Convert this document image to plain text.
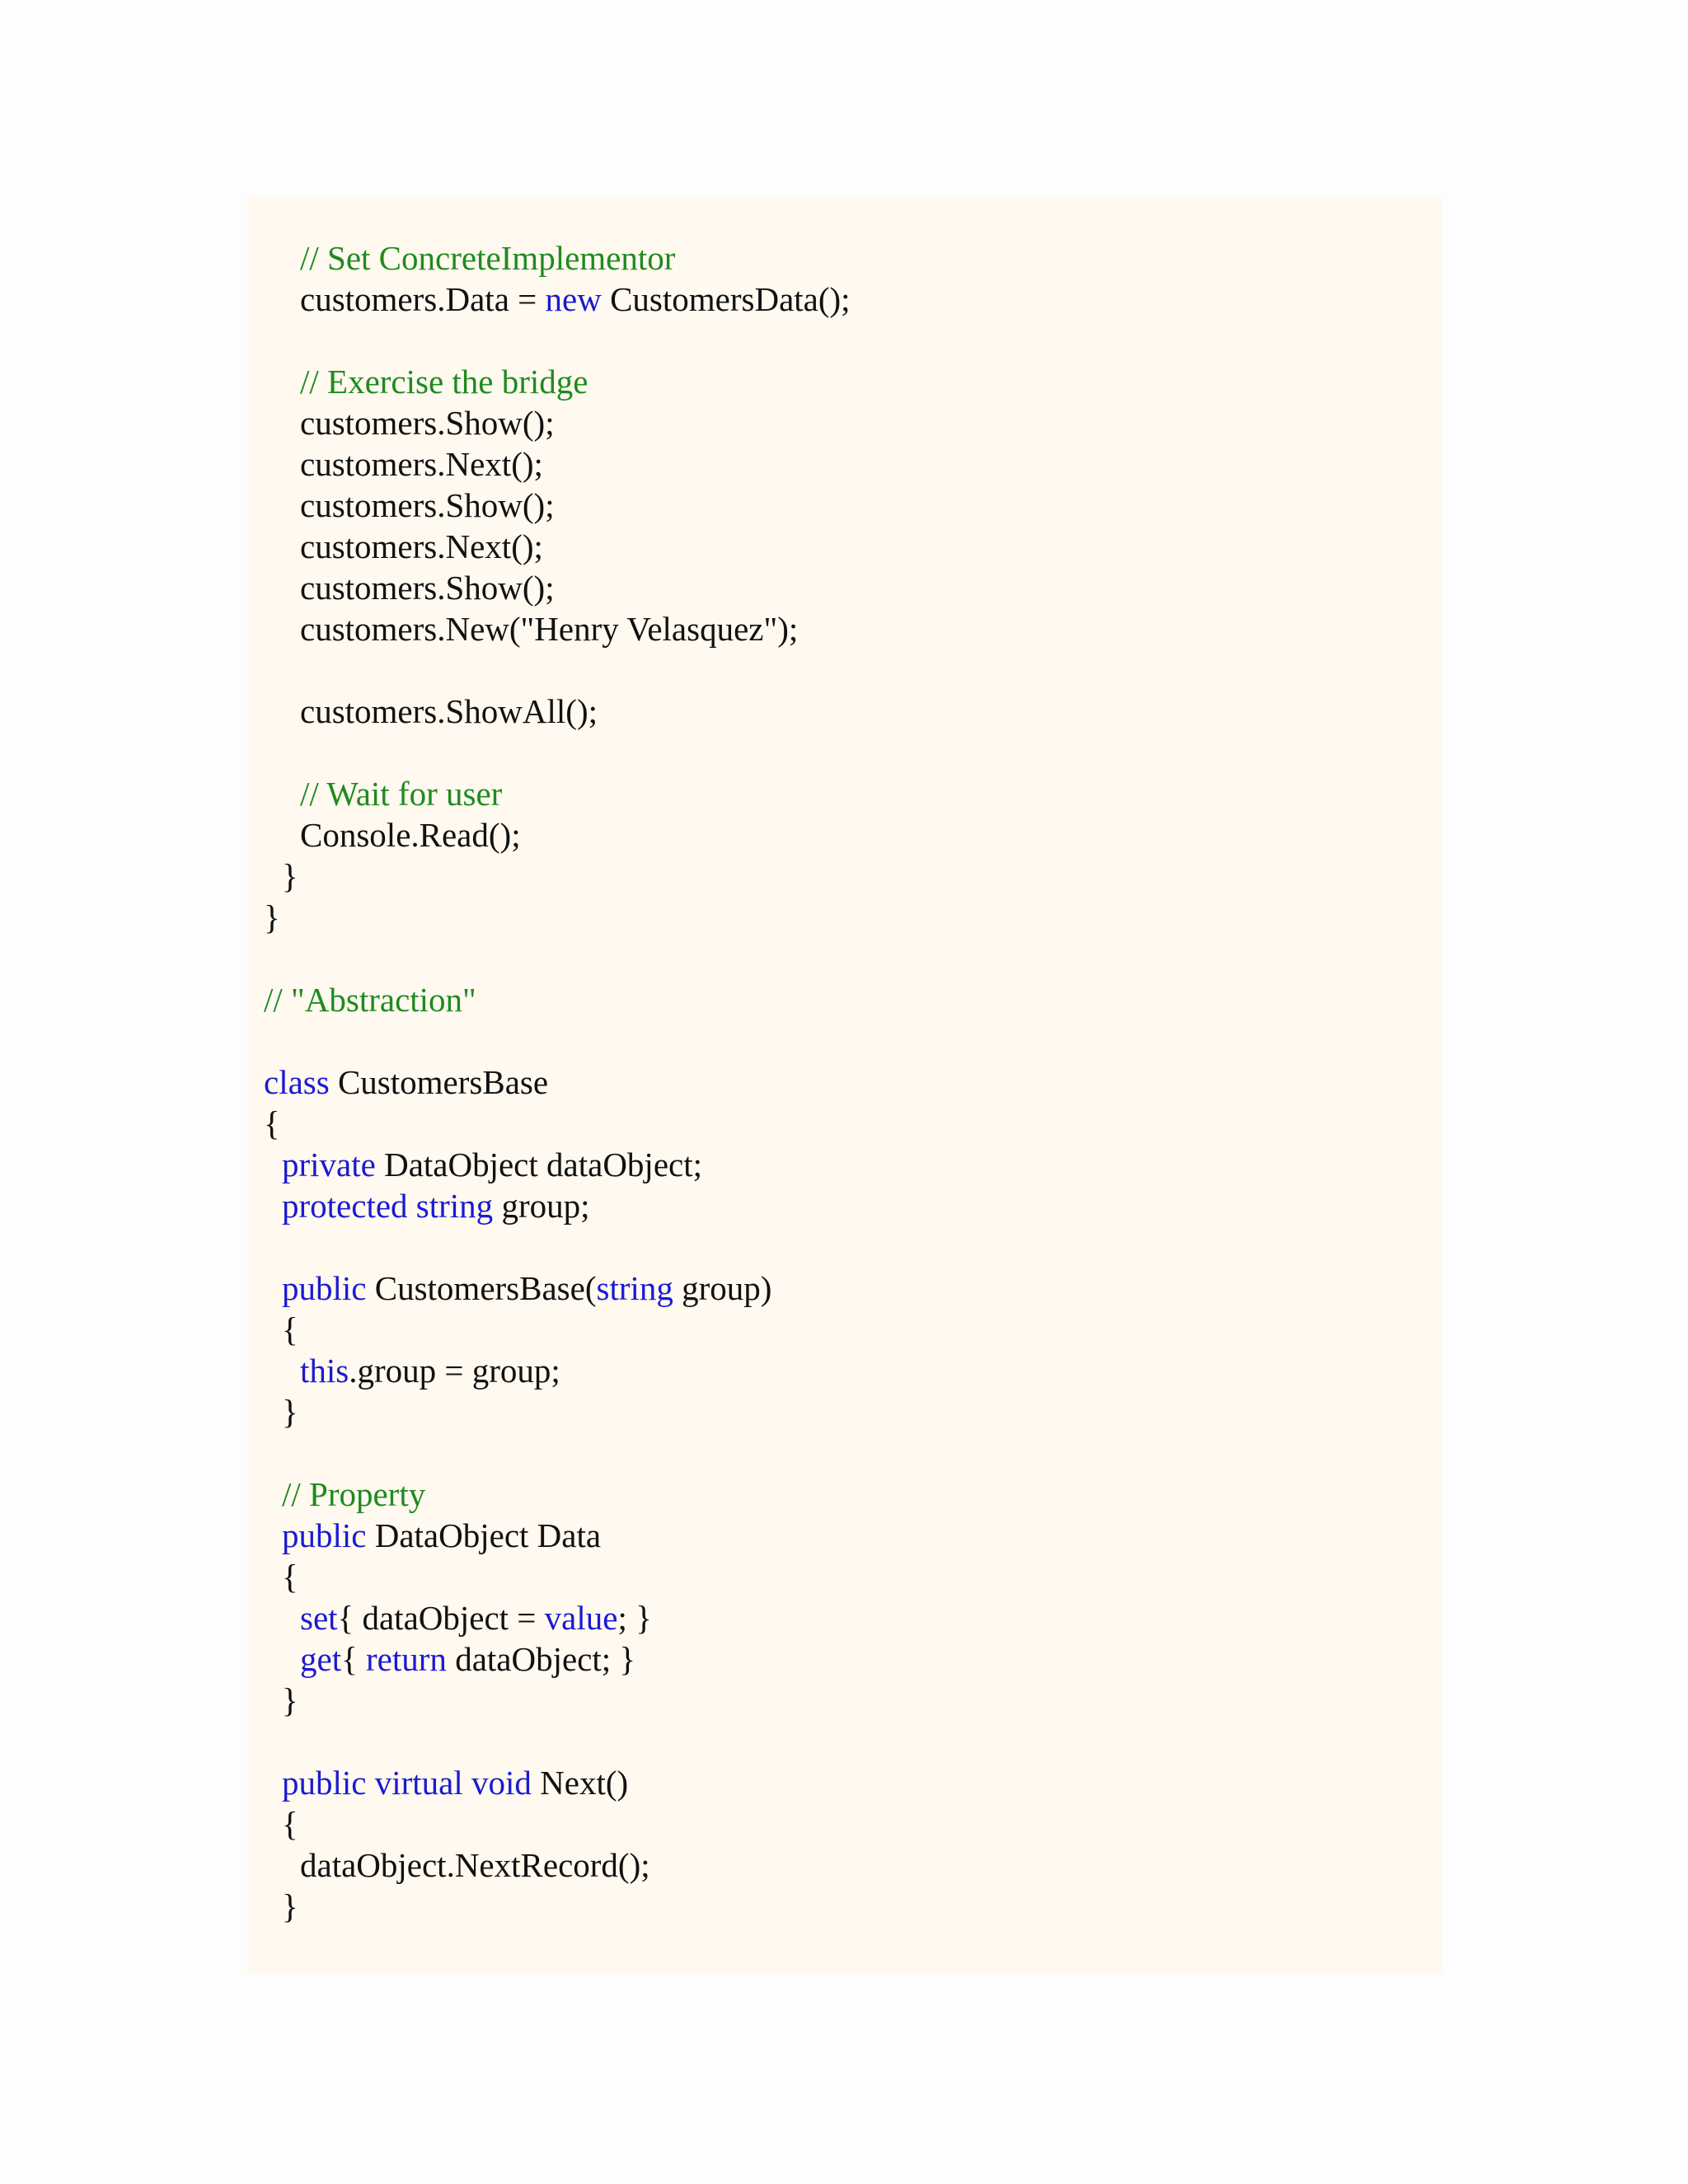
// Set ConcreteImplementor
customers.Data = new CustomersData();
// Exercise the bridge
customers.Show();
customers.Next();
customers.Show();
customers.Next();
customers.Show();
customers.New("Henry Velasquez");
customers.ShowAll();
// Wait for user
Console.Read();
}
}
// "Abstraction"
class CustomersBase
{
private DataObject dataObject;
protected string group;
public CustomersBase(string group)
{
this.group = group;
}
// Property
public DataObject Data
{
set{ dataObject = value; }
get{ return dataObject; }
}
public virtual void Next()
{
dataObject.NextRecord();
}
